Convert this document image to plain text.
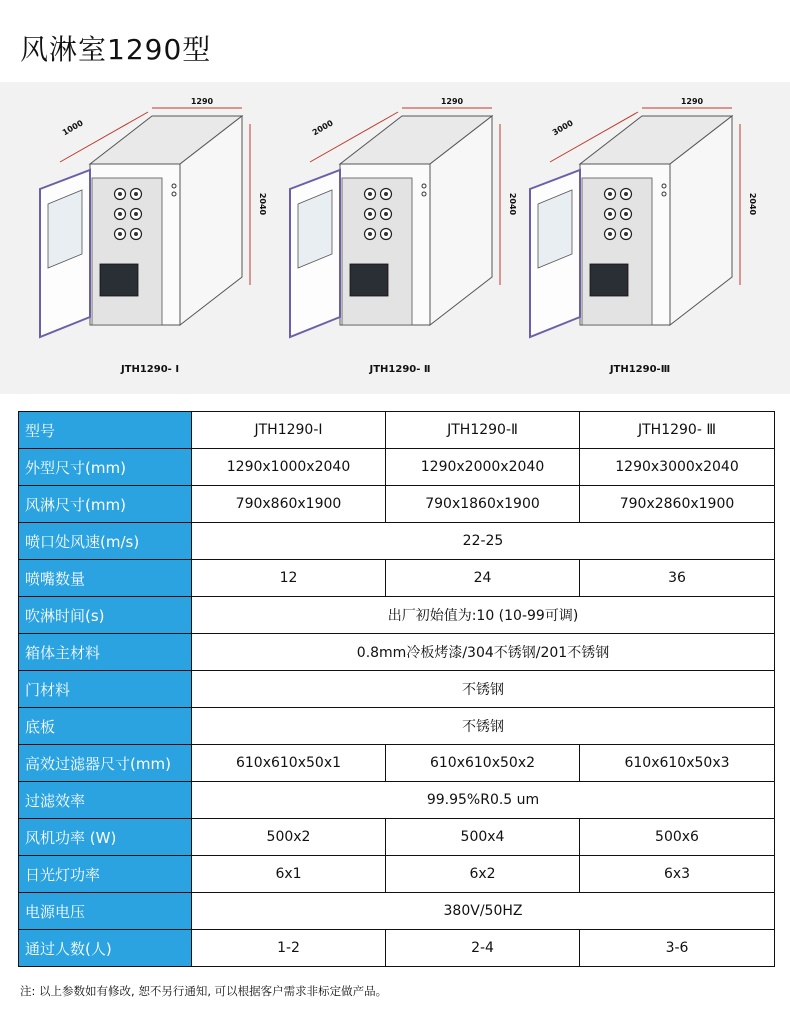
风淋室1290型
1290
2040
1000
JTH1290- Ⅰ
1290
2040
2000
JTH1290- Ⅱ
1290
2040
3000
JTH1290-Ⅲ
型号	JTH1290-Ⅰ	JTH1290-Ⅱ	JTH1290- Ⅲ
外型尺寸(mm)	1290x1000x2040	1290x2000x2040	1290x3000x2040
风淋尺寸(mm)	790x860x1900	790x1860x1900	790x2860x1900
喷口处风速(m/s)	22-25		
喷嘴数量	12	24	36
吹淋时间(s)	出厂初始值为:10 (10-99可调)		
箱体主材料	0.8mm冷板烤漆/304不锈钢/201不锈钢		
门材料	不锈钢		
底板	不锈钢		
高效过滤器尺寸(mm)	610x610x50x1	610x610x50x2	610x610x50x3
过滤效率	99.95%R0.5 um		
风机功率 (W)	500x2	500x4	500x6
日光灯功率	6x1	6x2	6x3
电源电压	380V/50HZ		
通过人数(人)	1-2	2-4	3-6
注: 以上参数如有修改, 恕不另行通知, 可以根据客户需求非标定做产品。
